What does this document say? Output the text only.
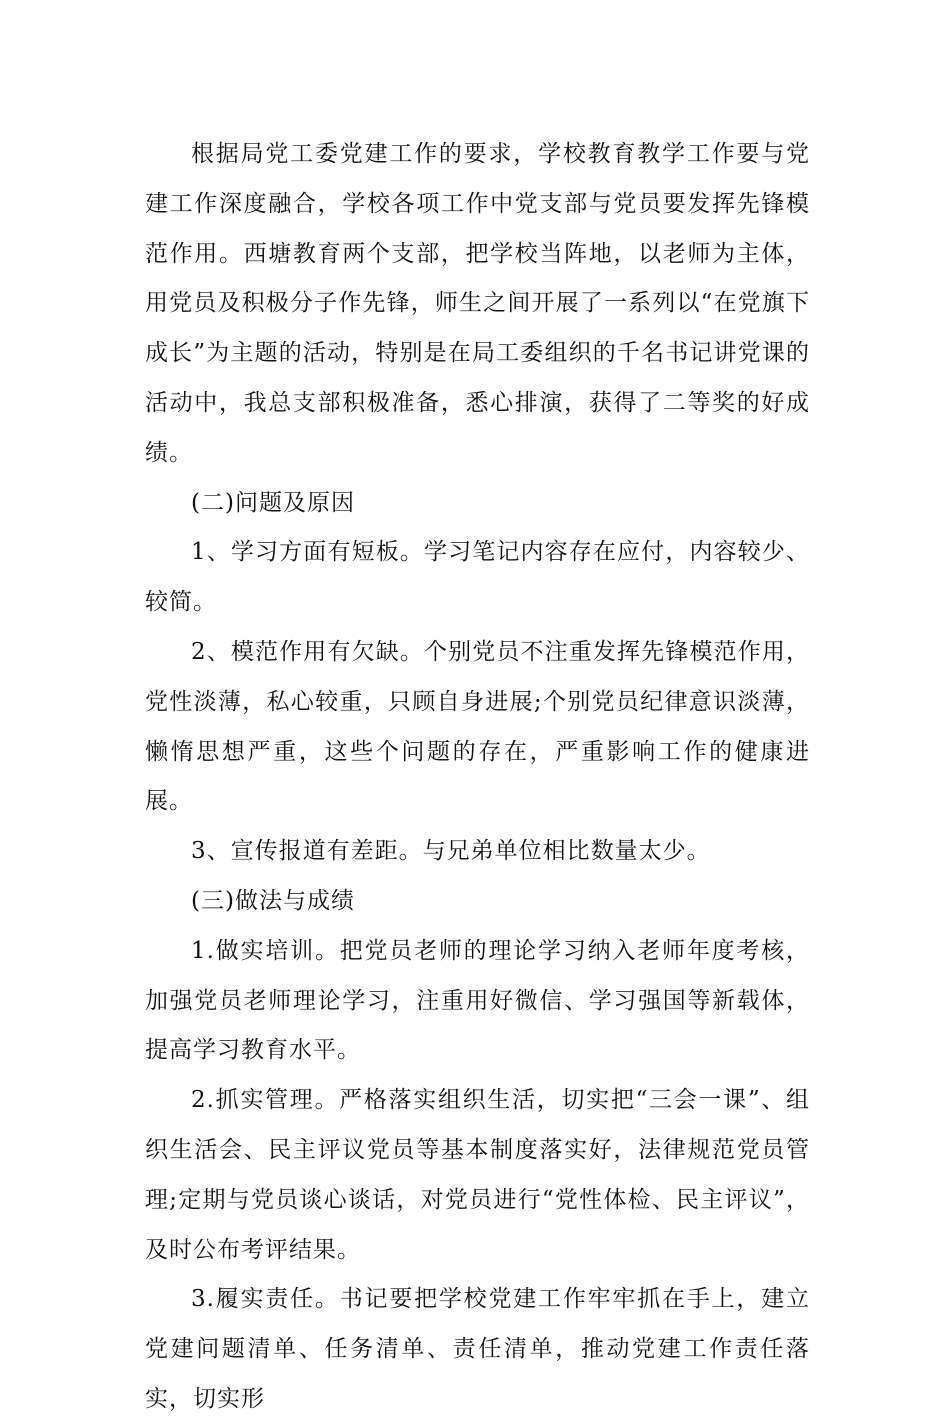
根据局党工委党建工作的要求，学校教育教学工作要与党建工作深度融合，学校各项工作中党支部与党员要发挥先锋模范作用。西塘教育两个支部，把学校当阵地，以老师为主体，用党员及积极分子作先锋，师生之间开展了一系列以“在党旗下成长”为主题的活动，特别是在局工委组织的千名书记讲党课的活动中，我总支部积极准备，悉心排演，获得了二等奖的好成绩。

(二)问题及原因

1、学习方面有短板。学习笔记内容存在应付，内容较少、较简。

2、模范作用有欠缺。个别党员不注重发挥先锋模范作用，党性淡薄，私心较重，只顾自身进展;个别党员纪律意识淡薄，懒惰思想严重，这些个问题的存在，严重影响工作的健康进展。

3、宣传报道有差距。与兄弟单位相比数量太少。

(三)做法与成绩

1.做实培训。把党员老师的理论学习纳入老师年度考核，加强党员老师理论学习，注重用好微信、学习强国等新载体，提高学习教育水平。

2.抓实管理。严格落实组织生活，切实把“三会一课”、组织生活会、民主评议党员等基本制度落实好，法律规范党员管理;定期与党员谈心谈话，对党员进行“党性体检、民主评议”，及时公布考评结果。

3.履实责任。书记要把学校党建工作牢牢抓在手上，建立党建问题清单、任务清单、责任清单，推动党建工作责任落实，切实形
